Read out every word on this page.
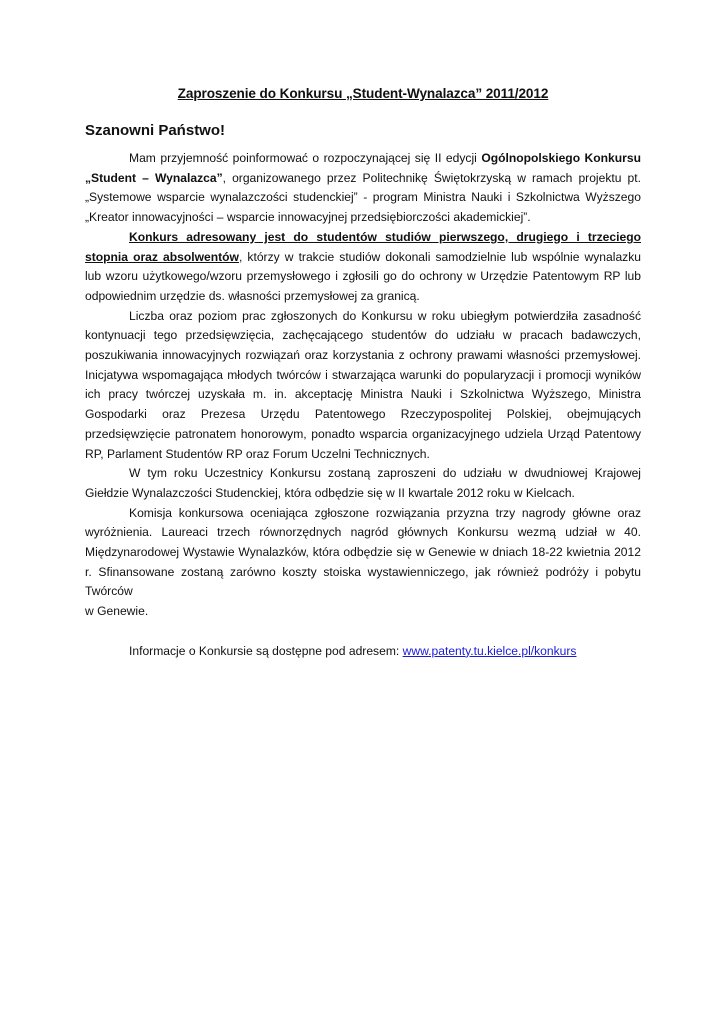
Zaproszenie do Konkursu „Student-Wynalazca” 2011/2012
Szanowni Państwo!

Mam przyjemność poinformować o rozpoczynającej się II edycji Ogólnopolskiego Konkursu „Student – Wynalazca”, organizowanego przez Politechnikę Świętokrzyską w ramach projektu pt. „Systemowe wsparcie wynalazczości studenckiej” - program Ministra Nauki i Szkolnictwa Wyższego „Kreator innowacyjności – wsparcie innowacyjnej przedsiębiorczości akademickiej”.

Konkurs adresowany jest do studentów studiów pierwszego, drugiego i trzeciego stopnia oraz absolwentów, którzy w trakcie studiów dokonali samodzielnie lub wspólnie wynalazku lub wzoru użytkowego/wzoru przemysłowego i zgłosili go do ochrony w Urzędzie Patentowym RP lub odpowiednim urzędzie ds. własności przemysłowej za granicą.

Liczba oraz poziom prac zgłoszonych do Konkursu w roku ubiegłym potwierdziła zasadność kontynuacji tego przedsięwzięcia, zachęcającego studentów do udziału w pracach badawczych, poszukiwania innowacyjnych rozwiązań oraz korzystania z ochrony prawami własności przemysłowej. Inicjatywa wspomagająca młodych twórców i stwarzająca warunki do popularyzacji i promocji wyników ich pracy twórczej uzyskała m. in. akceptację Ministra Nauki i Szkolnictwa Wyższego, Ministra Gospodarki oraz Prezesa Urzędu Patentowego Rzeczypospolitej Polskiej, obejmujących przedsięwzięcie patronatem honorowym, ponadto wsparcia organizacyjnego udziela Urząd Patentowy RP, Parlament Studentów RP oraz Forum Uczelni Technicznych.

W tym roku Uczestnicy Konkursu zostaną zaproszeni do udziału w dwudniowej Krajowej Giełdzie Wynalazczości Studenckiej, która odbędzie się w II kwartale 2012 roku w Kielcach.

Komisja konkursowa oceniająca zgłoszone rozwiązania przyzna trzy nagrody główne oraz wyróżnienia. Laureaci trzech równorzędnych nagród głównych Konkursu wezmą udział w 40. Międzynarodowej Wystawie Wynalazków, która odbędzie się w Genewie w dniach 18-22 kwietnia 2012 r. Sfinansowane zostaną zarówno koszty stoiska wystawienniczego, jak również podróży i pobytu Twórców

w Genewie.

Informacje o Konkursie są dostępne pod adresem: www.patenty.tu.kielce.pl/konkurs
